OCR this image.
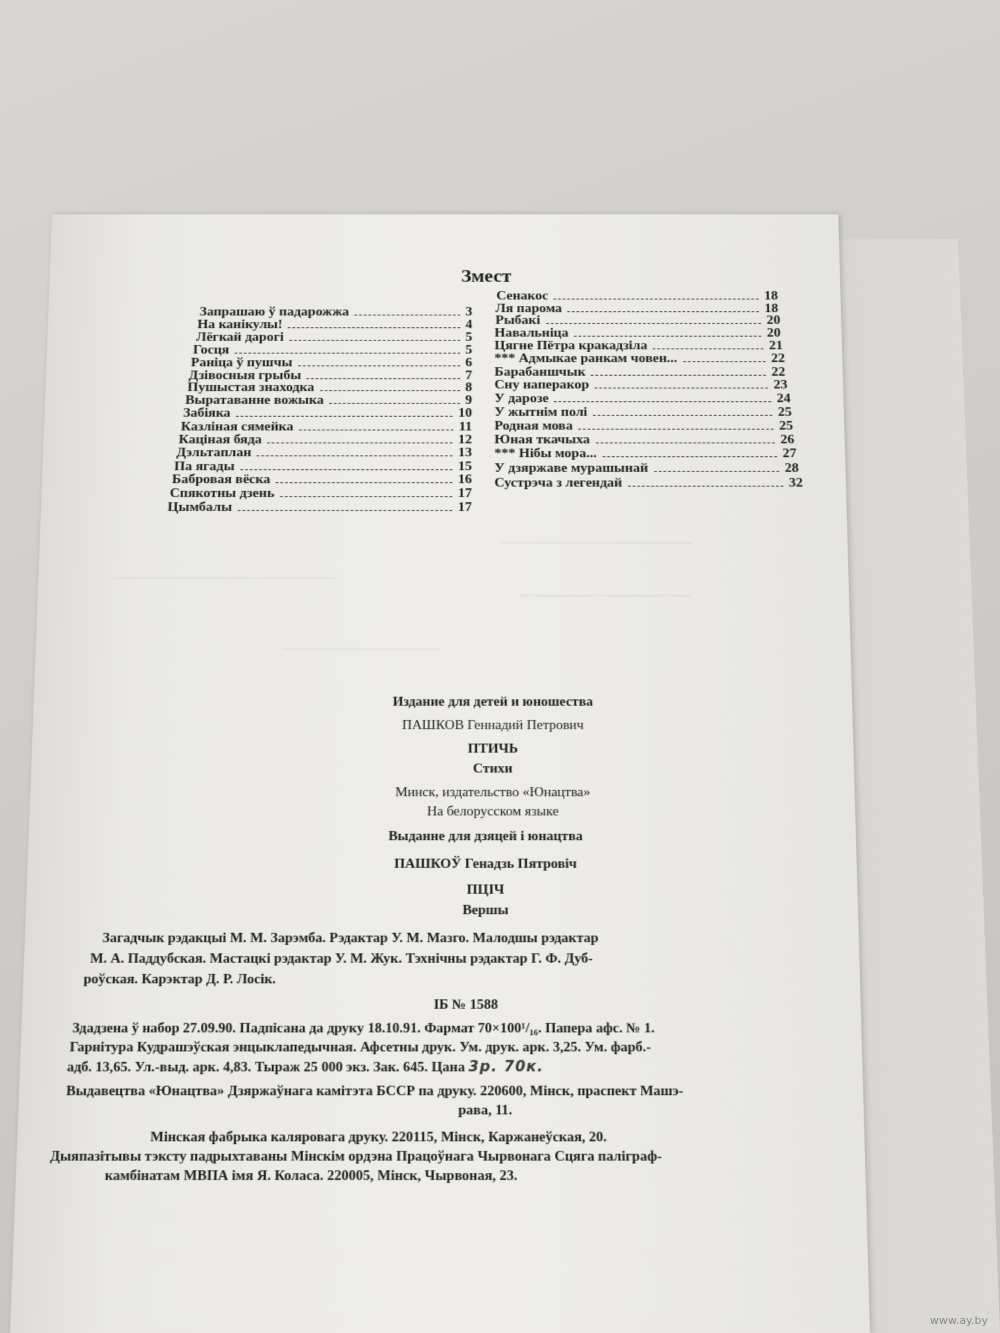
~~~~~~~~~~~~~~~~~~~~~~~~~~~
~~~~~~~~~~~~~~~~~~~~~~~~
~~~~~~~~~~~~~~~~~~~~~~~~~~~~~~~
~~~~~~~~~~~~~~~~~~~~~~
Змест
Запрашаю ў падарожжа	3
На канікулы!	4
Лёгкай дарогі	5
Госця	5
Раніца ў пушчы	6
Дзівосныя грыбы	7
Пушыстая знаходка	8
Выратаванне вожыка	9
Забіяка	10
Казліная сямейка	11
Кацiная бяда	12
Дэльтаплан	13
Па ягады	15
Бабровая вёска	16
Спякотны дзень	17
Цымбалы	17
Сенакос	18
Ля парома	18
Рыбакі	20
Навальніца	20
Цягне Пётра кракадзіла	21
*** Адмыкае ранкам човен...	22
Барабаншчык	22
Сну наперакор	23
У дарозе	24
У жытнім полі	25
Родная мова	25
Юная ткачыха	26
*** Нібы мора...	27
У дзяржаве мурашынай	28
Сустрэча з легендай	32
Издание для детей и юношества
ПАШКОВ Геннадий Петрович
ПТИЧЬ
Стихи
Минск, издательство «Юнацтва»
На белорусском языке
Выданне для дзяцей і юнацтва
ПАШКОЎ Генадзь Пятровіч
ПЦІЧ
Вершы
Загадчык рэдакцыі М. М. Зарэмба. Рэдактар У. М. Мазго. Малодшы рэдактар
М. А. Паддубская. Мастацкі рэдактар У. М. Жук. Тэхнічны рэдактар Г. Ф. Дуб-
роўская. Карэктар Д. Р. Лосік.
ІБ № 1588
Здадзена ў набор 27.09.90. Падпісана да друку 18.10.91. Фармат 70×100¹/₁₆. Папера афс. № 1.
Гарнітура Кудрашэўская энцыклапедычная. Афсетны друк. Ум. друк. арк. 3,25. Ум. фарб.-
адб. 13,65. Ул.-выд. арк. 4,83. Тыраж 25 000 экз. Зак. 645. Цана 3р. 70к.
Выдавецтва «Юнацтва» Дзяржаўнага камітэта БССР па друку. 220600, Мінск, праспект Машэ-
рава, 11.
Мінская фабрыка каляровага друку. 220115, Мінск, Каржанеўская, 20.
Дыяпазітывы тэксту падрыхтаваны Мінскім ордэна Працоўнага Чырвонага Сцяга паліграф-
камбінатам МВПА імя Я. Коласа. 220005, Мінск, Чырвоная, 23.
www.ay.by
